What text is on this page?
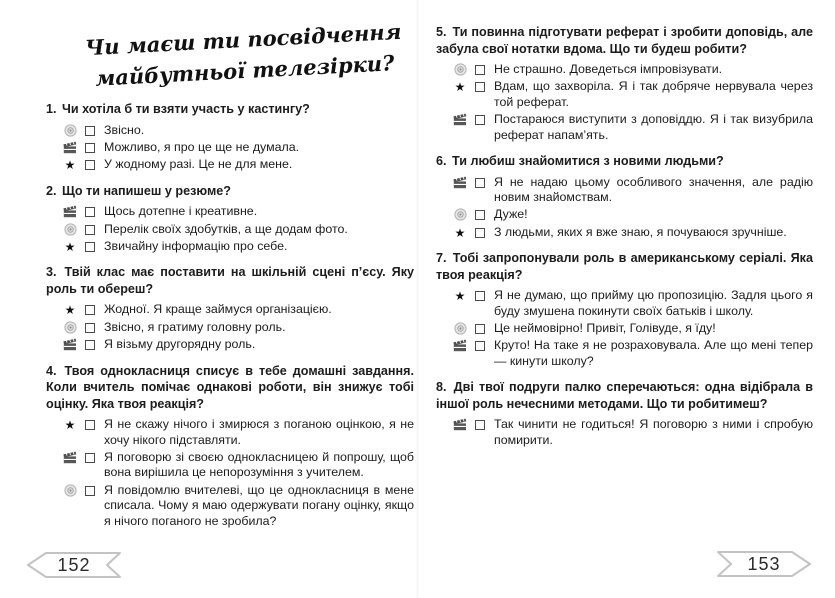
Чи маєш ти посвідчення
майбутньої телезірки?
1. Чи хотіла б ти взяти участь у кастингу?
Звісно.
Можливо, я про це ще не думала.
★ У жодному разі. Це не для мене.
2. Що ти напишеш у резюме?
Щось дотепне і креативне.
Перелік своїх здобутків, а ще додам фото.
★ Звичайну інформацію про себе.
3. Твій клас має поставити на шкільній сцені п’єсу. Яку роль ти обереш?
★ Жодної. Я краще займуся організацією.
Звісно, я гратиму головну роль.
Я візьму другорядну роль.
4. Твоя однокласниця списує в тебе домашні завдання. Коли вчитель помічає однакові роботи, він знижує тобі оцінку. Яка твоя реакція?
★ Я не скажу нічого і змирюся з поганою оцінкою, я не хочу нікого підставляти.
Я поговорю зі своєю однокласницею й попрошу, щоб вона вирішила це непорозуміння з учителем.
Я повідомлю вчителеві, що це однокласниця в мене списала. Чому я маю одержувати погану оцінку, якщо я нічого поганого не зробила?
5. Ти повинна підготувати реферат і зробити доповідь, але забула свої нотатки вдома. Що ти будеш робити?
Не страшно. Доведеться імпровізувати.
★ Вдам, що захворіла. Я і так добряче нервувала через той реферат.
Постараюся виступити з доповіддю. Я і так визубрила реферат напам’ять.
6. Ти любиш знайомитися з новими людьми?
Я не надаю цьому особливого значення, але радію новим знайомствам.
Дуже!
★ З людьми, яких я вже знаю, я почуваюся зручніше.
7. Тобі запропонували роль в американському серіалі. Яка твоя реакція?
★ Я не думаю, що прийму цю пропозицію. Задля цього я буду змушена покинути своїх батьків і школу.
Це неймовірно! Привіт, Голівуде, я їду!
Круто! На таке я не розраховувала. Але що мені тепер — кинути школу?
8. Дві твої подруги палко сперечаються: одна відібрала в іншої роль нечесними методами. Що ти робитимеш?
Так чинити не годиться! Я поговорю з ними і спробую помирити.
152	153
